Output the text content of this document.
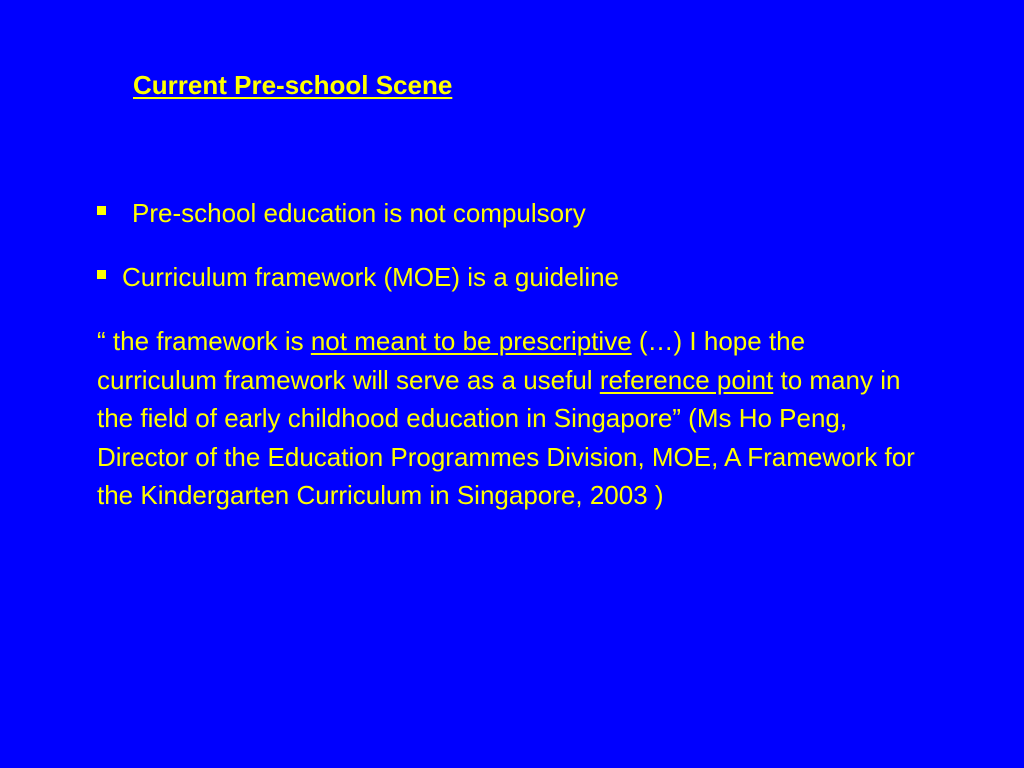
Current Pre-school Scene
Pre-school education is not compulsory
Curriculum framework (MOE) is a guideline
“ the framework is not meant to be prescriptive (…) I hope the curriculum framework will serve as a useful reference point to many in the field of early childhood education in Singapore” (Ms Ho Peng, Director of the Education Programmes Division, MOE, A Framework for the Kindergarten Curriculum in Singapore, 2003 )
